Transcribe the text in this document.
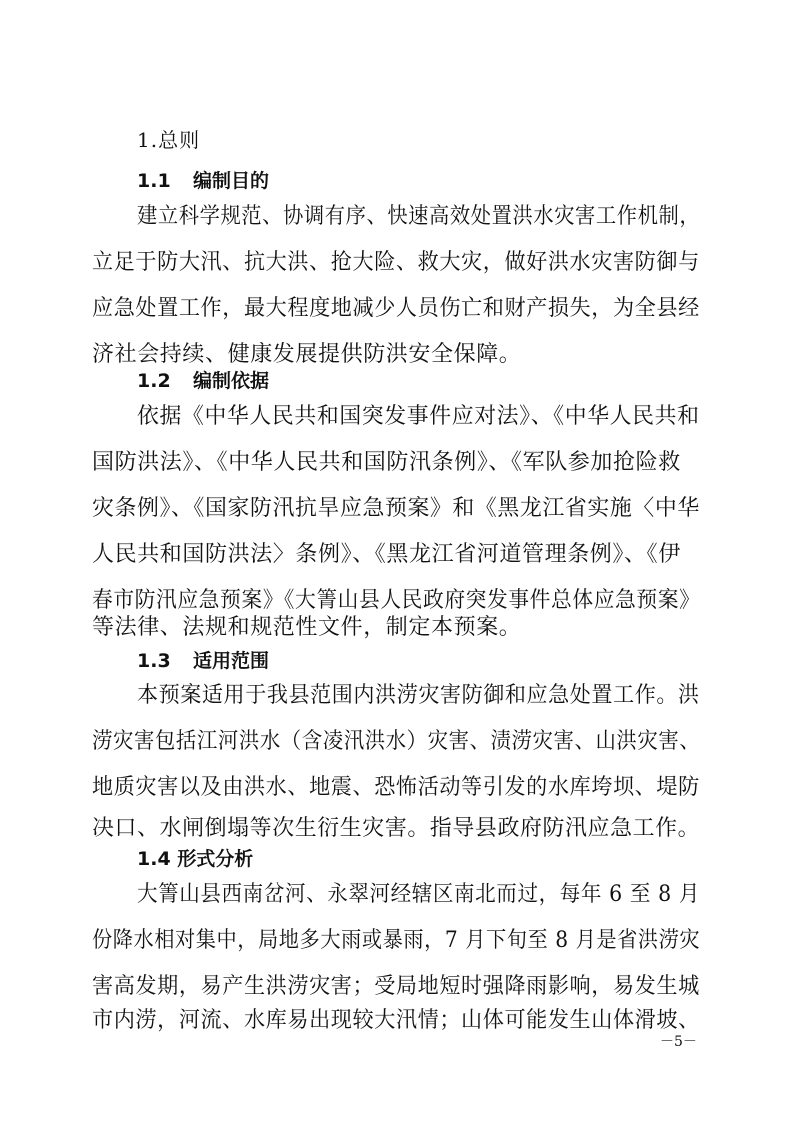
1.总则
1.1 编制目的
建立科学规范、协调有序、快速高效处置洪水灾害工作机制，
立足于防大汛、抗大洪、抢大险、救大灾，做好洪水灾害防御与
应急处置工作，最大程度地减少人员伤亡和财产损失，为全县经
济社会持续、健康发展提供防洪安全保障。
1.2 编制依据
依据《中华人民共和国突发事件应对法》、《中华人民共和
国防洪法》、《中华人民共和国防汛条例》、《军队参加抢险救
灾条例》、《国家防汛抗旱应急预案》和《黑龙江省实施〈中华
人民共和国防洪法〉条例》、《黑龙江省河道管理条例》、《伊
春市防汛应急预案》《大箐山县人民政府突发事件总体应急预案》
等法律、法规和规范性文件，制定本预案。
1.3 适用范围
本预案适用于我县范围内洪涝灾害防御和应急处置工作。洪
涝灾害包括江河洪水（含凌汛洪水）灾害、渍涝灾害、山洪灾害、
地质灾害以及由洪水、地震、恐怖活动等引发的水库垮坝、堤防
决口、水闸倒塌等次生衍生灾害。指导县政府防汛应急工作。
1.4 形式分析
大箐山县西南岔河、永翠河经辖区南北而过，每年 6 至 8 月
份降水相对集中，局地多大雨或暴雨，7 月下旬至 8 月是省洪涝灾
害高发期，易产生洪涝灾害；受局地短时强降雨影响，易发生城
市内涝，河流、水库易出现较大汛情；山体可能发生山体滑坡、
－5－
